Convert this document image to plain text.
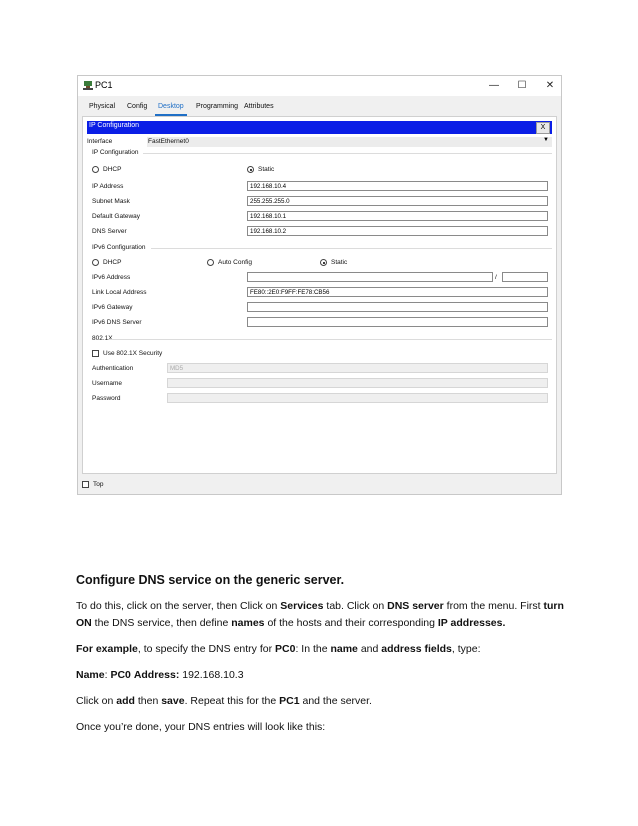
PC1	—	☐	✕
Physical	Config	Desktop	Programming Attributes
IP Configuration	X
Interface	FastEthernet0	▼
IP Configuration
DHCP	Static
IP Address	192.168.10.4
Subnet Mask	255.255.255.0
Default Gateway	192.168.10.1
DNS Server	192.168.10.2
IPv6 Configuration
DHCP	Auto Config	Static
IPv6 Address	/
Link Local Address	FE80::2E0:F9FF:FE78:CB56
IPv6 Gateway
IPv6 DNS Server
802.1X
Use 802.1X Security
Authentication	MD5
Username
Password
Top
Configure DNS service on the generic server.
To do this, click on the server, then Click on Services tab. Click on DNS server from the menu. First turn
ON the DNS service, then define names of the hosts and their corresponding IP addresses.
For example, to specify the DNS entry for PC0: In the name and address fields, type:
Name: PC0 Address: 192.168.10.3
Click on add then save. Repeat this for the PC1 and the server.
Once you’re done, your DNS entries will look like this:
